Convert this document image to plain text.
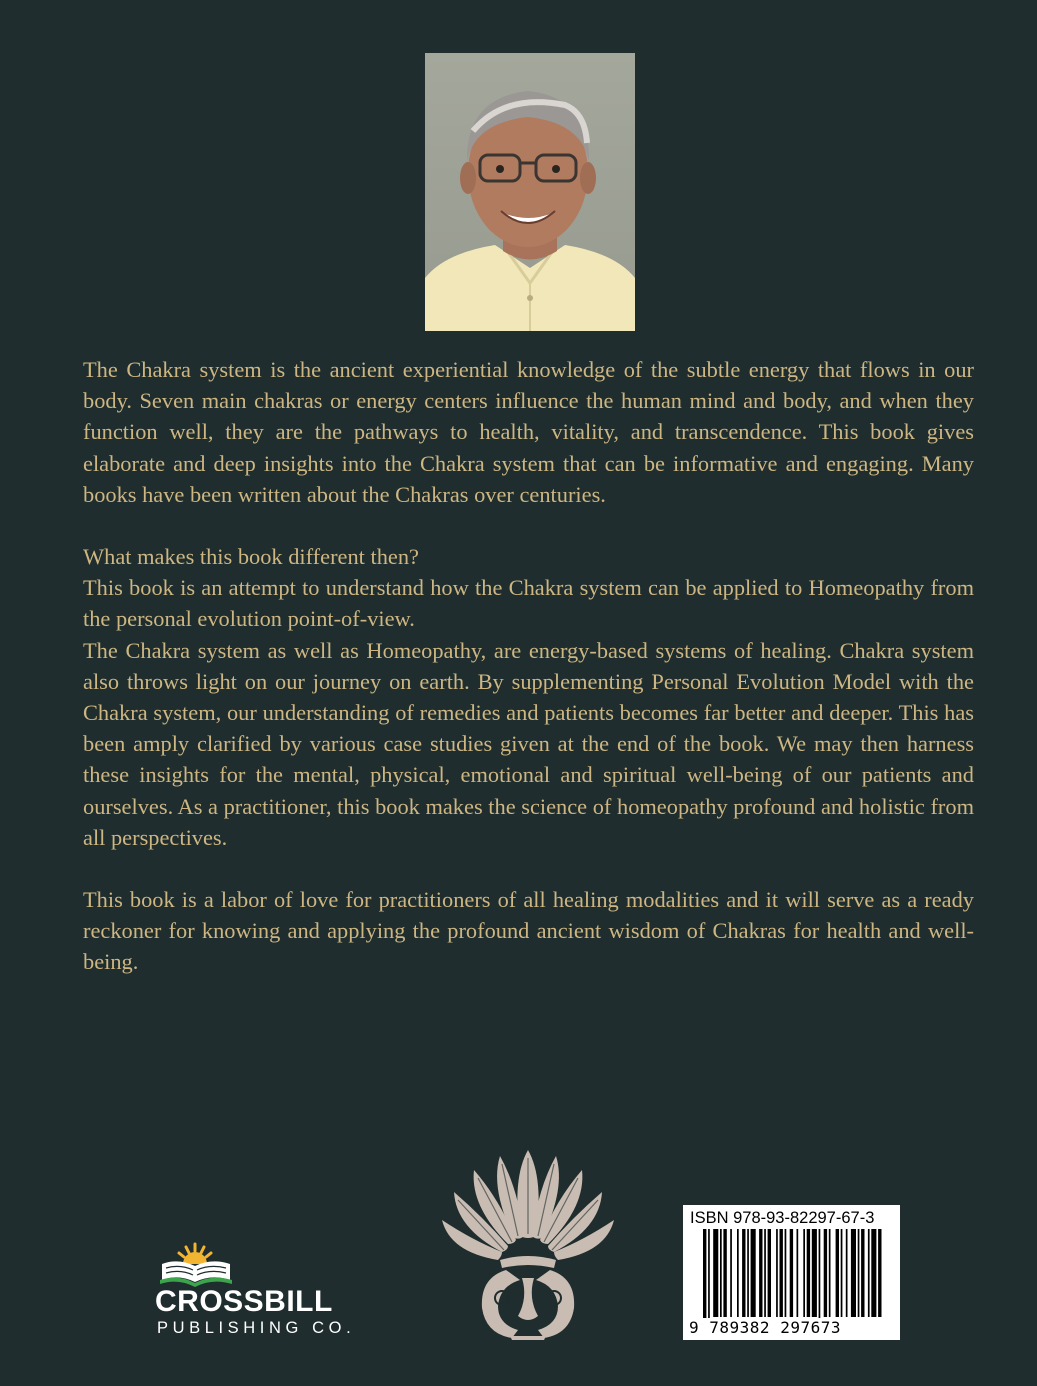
The Chakra system is the ancient experiential knowledge of the subtle energy that flows in our body. Seven main chakras or energy centers influence the human mind and body, and when they function well, they are the pathways to health, vitality, and transcendence. This book gives elaborate and deep insights into the Chakra system that can be informative and engaging. Many books have been written about the Chakras over centuries.

What makes this book different then?

This book is an attempt to understand how the Chakra system can be applied to Homeopathy from the personal evolution point-of-view.

The Chakra system as well as Homeopathy, are energy-based systems of healing. Chakra system also throws light on our journey on earth. By supplementing Personal Evolution Model with the Chakra system, our understanding of remedies and patients becomes far better and deeper. This has been amply clarified by various case studies given at the end of the book. We may then harness these insights for the mental, physical, emotional and spiritual well-being of our patients and ourselves. As a practitioner, this book makes the science of homeopathy profound and holistic from all perspectives.

This book is a labor of love for practitioners of all healing modalities and it will serve as a ready reckoner for knowing and applying the profound ancient wisdom of Chakras for health and well-being.

CROSSBILL
PUBLISHING CO.
ISBN 978-93-82297-67-3
9 789382 297673
